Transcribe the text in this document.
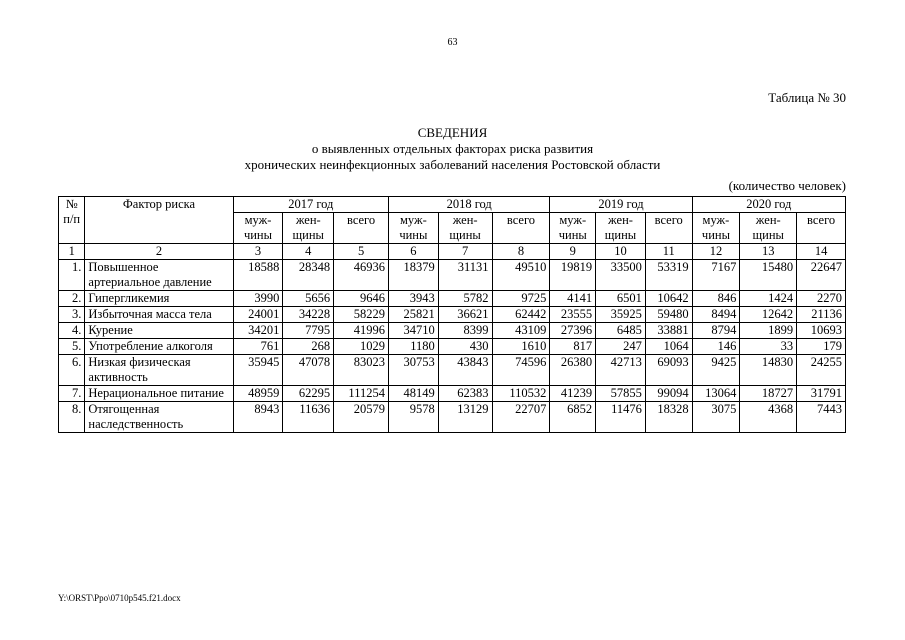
63
Таблица № 30
СВЕДЕНИЯ
о выявленных отдельных факторах риска развития
хронических неинфекционных заболеваний населения Ростовской области
(количество человек)
№ п/п	Фактор риска	2017 год			2018 год			2019 год			2020 год		
		муж-чины	жен-щины	всего	муж-чины	жен-щины	всего	муж-чины	жен-щины	всего	муж-чины	жен-щины	всего
1	2	3	4	5	6	7	8	9	10	11	12	13	14
1.	Повышенное артериальное давление	18588	28348	46936	18379	31131	49510	19819	33500	53319	7167	15480	22647
2.	Гипергликемия	3990	5656	9646	3943	5782	9725	4141	6501	10642	846	1424	2270
3.	Избыточная масса тела	24001	34228	58229	25821	36621	62442	23555	35925	59480	8494	12642	21136
4.	Курение	34201	7795	41996	34710	8399	43109	27396	6485	33881	8794	1899	10693
5.	Употребление алкоголя	761	268	1029	1180	430	1610	817	247	1064	146	33	179
6.	Низкая физическая активность	35945	47078	83023	30753	43843	74596	26380	42713	69093	9425	14830	24255
7.	Нерациональное питание	48959	62295	111254	48149	62383	110532	41239	57855	99094	13064	18727	31791
8.	Отягощенная наследственность	8943	11636	20579	9578	13129	22707	6852	11476	18328	3075	4368	7443
Y:\ORST\Ppo\0710p545.f21.docx
